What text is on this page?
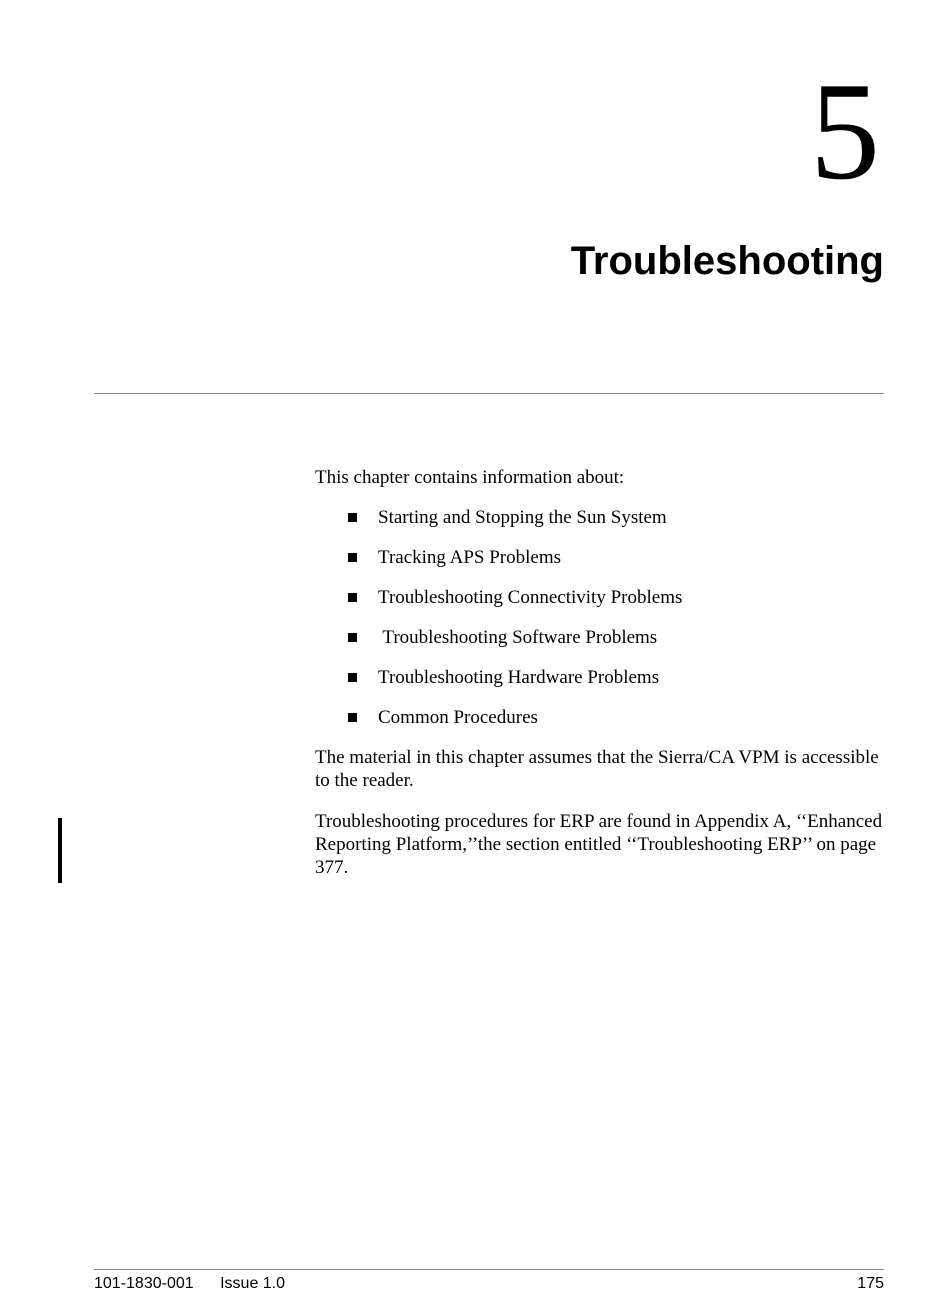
5
Troubleshooting

This chapter contains information about:

Starting and Stopping the Sun System
Tracking APS Problems
Troubleshooting Connectivity Problems
Troubleshooting Software Problems
Troubleshooting Hardware Problems
Common Procedures

The material in this chapter assumes that the Sierra/CA VPM is accessible to the reader.

Troubleshooting procedures for ERP are found in Appendix A, ‘‘Enhanced Reporting Platform,’’the section entitled ‘‘Troubleshooting ERP’’ on page 377.

101-1830-001 Issue 1.0	175
